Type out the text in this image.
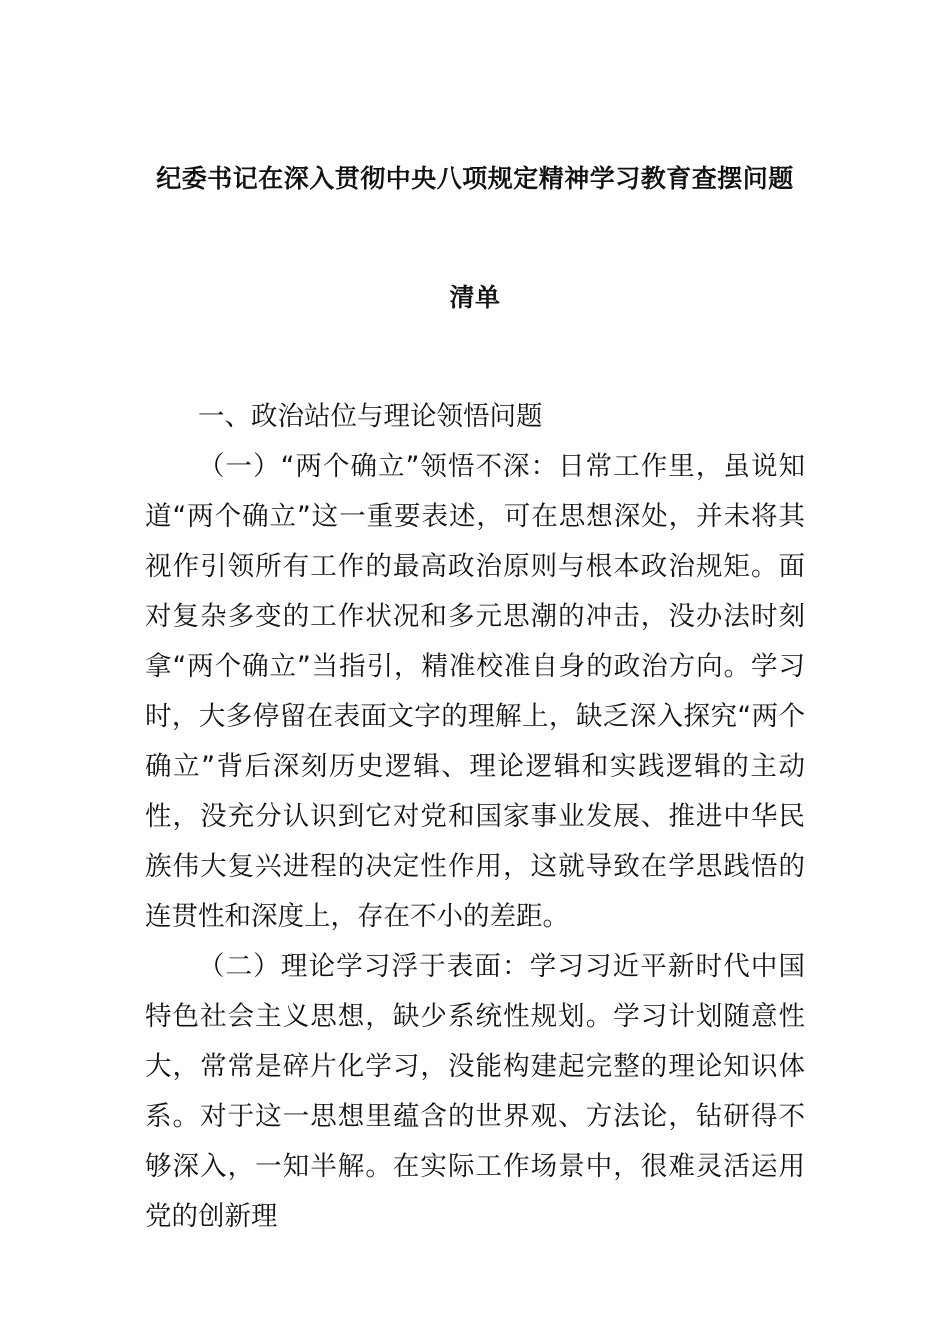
纪委书记在深入贯彻中央八项规定精神学习教育查摆问题
清单

一、政治站位与理论领悟问题

（一）“两个确立”领悟不深：日常工作里，虽说知道“两个确立”这一重要表述，可在思想深处，并未将其视作引领所有工作的最高政治原则与根本政治规矩。面对复杂多变的工作状况和多元思潮的冲击，没办法时刻拿“两个确立”当指引，精准校准自身的政治方向。学习时，大多停留在表面文字的理解上，缺乏深入探究“两个确立”背后深刻历史逻辑、理论逻辑和实践逻辑的主动性，没充分认识到它对党和国家事业发展、推进中华民族伟大复兴进程的决定性作用，这就导致在学思践悟的连贯性和深度上，存在不小的差距。

（二）理论学习浮于表面：学习习近平新时代中国特色社会主义思想，缺少系统性规划。学习计划随意性大，常常是碎片化学习，没能构建起完整的理论知识体系。对于这一思想里蕴含的世界观、方法论，钻研得不够深入，一知半解。在实际工作场景中，很难灵活运用党的创新理
